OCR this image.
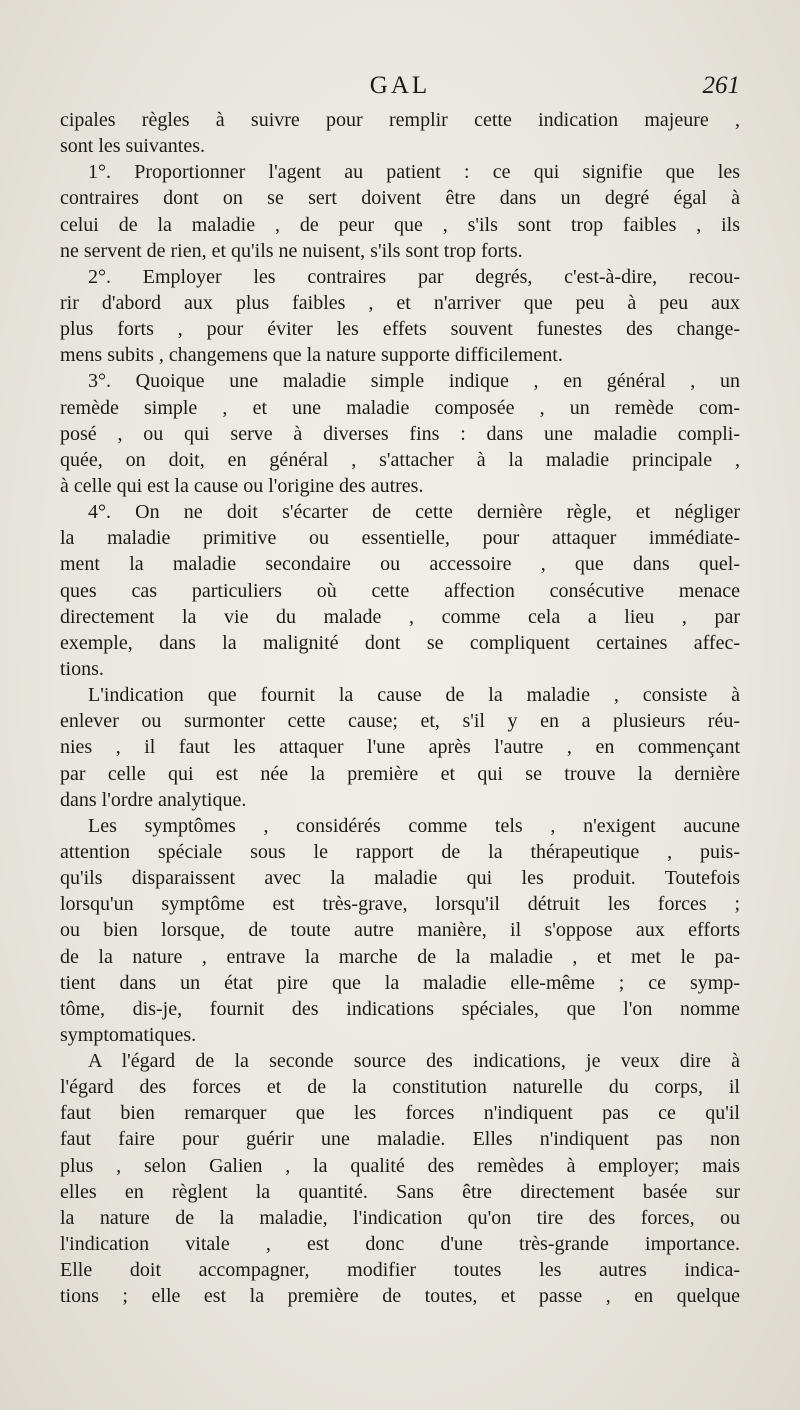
GAL	261
cipales règles à suivre pour remplir cette indication majeure ,
sont les suivantes.
1°. Proportionner l'agent au patient : ce qui signifie que les
contraires dont on se sert doivent être dans un degré égal à
celui de la maladie , de peur que , s'ils sont trop faibles , ils
ne servent de rien, et qu'ils ne nuisent, s'ils sont trop forts.
2°. Employer les contraires par degrés, c'est-à-dire, recou-
rir d'abord aux plus faibles , et n'arriver que peu à peu aux
plus forts , pour éviter les effets souvent funestes des change-
mens subits , changemens que la nature supporte difficilement.
3°. Quoique une maladie simple indique , en général , un
remède simple , et une maladie composée , un remède com-
posé , ou qui serve à diverses fins : dans une maladie compli-
quée, on doit, en général , s'attacher à la maladie principale ,
à celle qui est la cause ou l'origine des autres.
4°. On ne doit s'écarter de cette dernière règle, et négliger
la maladie primitive ou essentielle, pour attaquer immédiate-
ment la maladie secondaire ou accessoire , que dans quel-
ques cas particuliers où cette affection consécutive menace
directement la vie du malade , comme cela a lieu , par
exemple, dans la malignité dont se compliquent certaines affec-
tions.
L'indication que fournit la cause de la maladie , consiste à
enlever ou surmonter cette cause; et, s'il y en a plusieurs réu-
nies , il faut les attaquer l'une après l'autre , en commençant
par celle qui est née la première et qui se trouve la dernière
dans l'ordre analytique.
Les symptômes , considérés comme tels , n'exigent aucune
attention spéciale sous le rapport de la thérapeutique , puis-
qu'ils disparaissent avec la maladie qui les produit. Toutefois
lorsqu'un symptôme est très-grave, lorsqu'il détruit les forces ;
ou bien lorsque, de toute autre manière, il s'oppose aux efforts
de la nature , entrave la marche de la maladie , et met le pa-
tient dans un état pire que la maladie elle-même ; ce symp-
tôme, dis-je, fournit des indications spéciales, que l'on nomme
symptomatiques.
A l'égard de la seconde source des indications, je veux dire à
l'égard des forces et de la constitution naturelle du corps, il
faut bien remarquer que les forces n'indiquent pas ce qu'il
faut faire pour guérir une maladie. Elles n'indiquent pas non
plus , selon Galien , la qualité des remèdes à employer; mais
elles en règlent la quantité. Sans être directement basée sur
la nature de la maladie, l'indication qu'on tire des forces, ou
l'indication vitale , est donc d'une très-grande importance.
Elle doit accompagner, modifier toutes les autres indica-
tions ; elle est la première de toutes, et passe , en quelque
